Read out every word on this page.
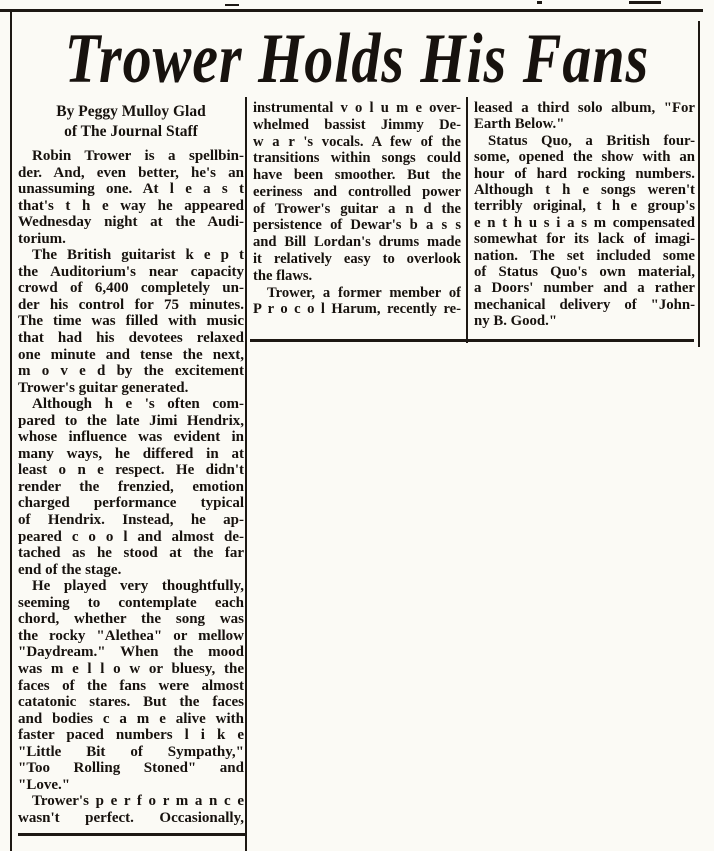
Trower Holds His Fans
By Peggy Mulloy Glad
of The Journal Staff
Robin Trower is a spellbin-
der. And, even better, he's an
unassuming one. At l e a s t
that's t h e way he appeared
Wednesday night at the Audi-
torium.
The British guitarist k e p t
the Auditorium's near capacity
crowd of 6,400 completely un-
der his control for 75 minutes.
The time was filled with music
that had his devotees relaxed
one minute and tense the next,
m o v e d by the excitement
Trower's guitar generated.
Although h e 's often com-
pared to the late Jimi Hendrix,
whose influence was evident in
many ways, he differed in at
least o n e respect. He didn't
render the frenzied, emotion
charged performance typical
of Hendrix. Instead, he ap-
peared c o o l and almost de-
tached as he stood at the far
end of the stage.
He played very thoughtfully,
seeming to contemplate each
chord, whether the song was
the rocky "Alethea" or mellow
"Daydream." When the mood
was m e l l o w or bluesy, the
faces of the fans were almost
catatonic stares. But the faces
and bodies c a m e alive with
faster paced numbers l i k e
"Little Bit of Sympathy,"
"Too Rolling Stoned" and
"Love."
Trower's p e r f o r m a n c e
wasn't perfect. Occasionally,
instrumental v o l u m e over-
whelmed bassist Jimmy De-
w a r 's vocals. A few of the
transitions within songs could
have been smoother. But the
eeriness and controlled power
of Trower's guitar a n d the
persistence of Dewar's b a s s
and Bill Lordan's drums made
it relatively easy to overlook
the flaws.
Trower, a former member of
P r o c o l Harum, recently re-
leased a third solo album, "For
Earth Below."
Status Quo, a British four-
some, opened the show with an
hour of hard rocking numbers.
Although t h e songs weren't
terribly original, t h e group's
e n t h u s i a s m compensated
somewhat for its lack of imagi-
nation. The set included some
of Status Quo's own material,
a Doors' number and a rather
mechanical delivery of "John-
ny B. Good."
